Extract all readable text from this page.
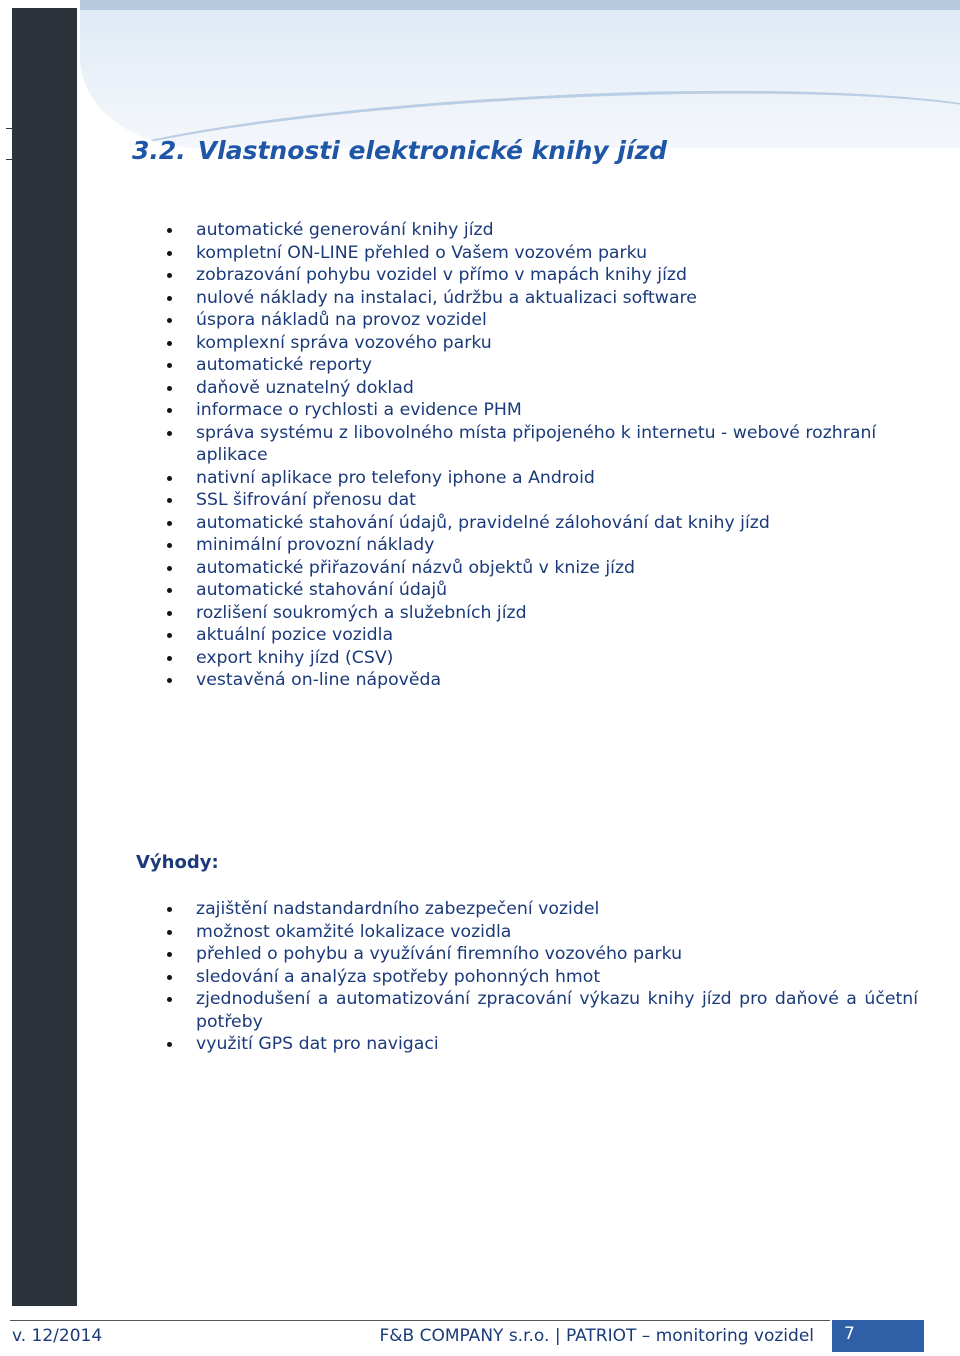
3.2. Vlastnosti elektronické knihy jízd
automatické generování knihy jízd
kompletní ON-LINE přehled o Vašem vozovém parku
zobrazování pohybu vozidel v přímo v mapách knihy jízd
nulové náklady na instalaci, údržbu a aktualizaci software
úspora nákladů na provoz vozidel
komplexní správa vozového parku
automatické reporty
daňově uznatelný doklad
informace o rychlosti a evidence PHM
správa systému z libovolného místa připojeného k internetu - webové rozhraní aplikace
nativní aplikace pro telefony iphone a Android
SSL šifrování přenosu dat
automatické stahování údajů, pravidelné zálohování dat knihy jízd
minimální provozní náklady
automatické přiřazování názvů objektů v knize jízd
automatické stahování údajů
rozlišení soukromých a služebních jízd
aktuální pozice vozidla
export knihy jízd (CSV)
vestavěná on-line nápověda
Výhody:
zajištění nadstandardního zabezpečení vozidel
možnost okamžité lokalizace vozidla
přehled o pohybu a využívání firemního vozového parku
sledování a analýza spotřeby pohonných hmot
zjednodušení a automatizování zpracování výkazu knihy jízd pro daňové a účetní potřeby
využití GPS dat pro navigaci
v. 12/2014	F&B COMPANY s.r.o. | PATRIOT – monitoring vozidel 7
